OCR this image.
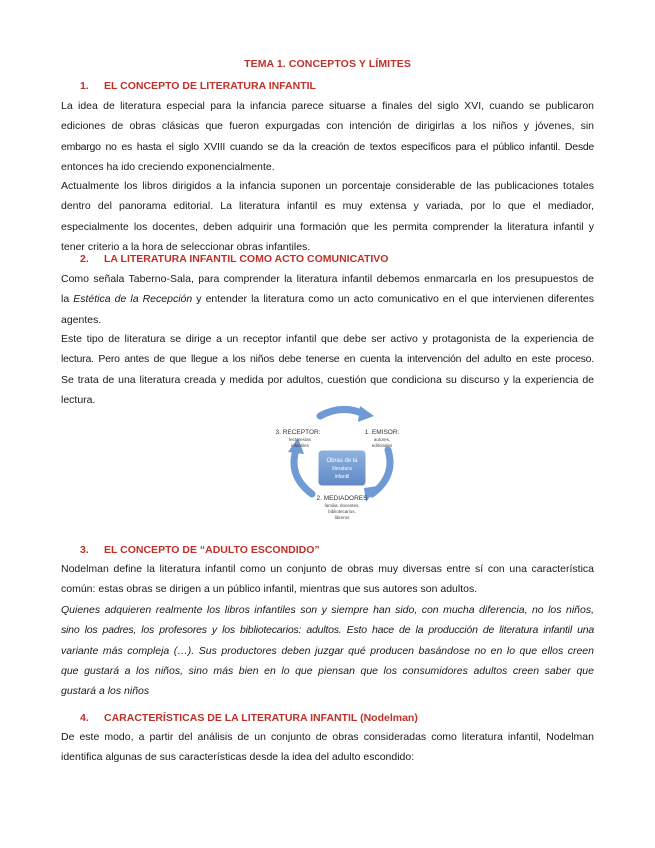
TEMA 1. CONCEPTOS Y LÍMITES
1. EL CONCEPTO DE LITERATURA INFANTIL
La idea de literatura especial para la infancia parece situarse a finales del siglo XVI, cuando se publicaron
ediciones de obras clásicas que fueron expurgadas con intención de dirigirlas a los niños y jóvenes, sin
embargo no es hasta el siglo XVIII cuando se da la creación de textos específicos para el público infantil. Desde
entonces ha ido creciendo exponencialmente.
Actualmente los libros dirigidos a la infancia suponen un porcentaje considerable de las publicaciones totales
dentro del panorama editorial. La literatura infantil es muy extensa y variada, por lo que el mediador,
especialmente los docentes, deben adquirir una formación que les permita comprender la literatura infantil y
tener criterio a la hora de seleccionar obras infantiles.
2. LA LITERATURA INFANTIL COMO ACTO COMUNICATIVO
Como señala Taberno-Sala, para comprender la literatura infantil debemos enmarcarla en los presupuestos de
la Estética de la Recepción y entender la literatura como un acto comunicativo en el que intervienen diferentes
agentes.
Este tipo de literatura se dirige a un receptor infantil que debe ser activo y protagonista de la experiencia de
lectura. Pero antes de que llegue a los niños debe tenerse en cuenta la intervención del adulto en este proceso.
Se trata de una literatura creada y medida por adultos, cuestión que condiciona su discurso y la experiencia de
lectura.
Obras de la
literatura
infantil
1. EMISOR:
autores,
editoriales
2. MEDIADORES
familia, docentes,
bibliotecarios,
libreros
3. RECEPTOR:
lectores/as
infantiles
3. EL CONCEPTO DE “ADULTO ESCONDIDO”
Nodelman define la literatura infantil como un conjunto de obras muy diversas entre sí con una característica
común: estas obras se dirigen a un público infantil, mientras que sus autores son adultos.
Quienes adquieren realmente los libros infantiles son y siempre han sido, con mucha diferencia, no los niños,
sino los padres, los profesores y los bibliotecarios: adultos. Esto hace de la producción de literatura infantil una
variante más compleja (…). Sus productores deben juzgar qué producen basándose no en lo que ellos creen
que gustará a los niños, sino más bien en lo que piensan que los consumidores adultos creen saber que
gustará a los niños
4. CARACTERÍSTICAS DE LA LITERATURA INFANTIL (Nodelman)
De este modo, a partir del análisis de un conjunto de obras consideradas como literatura infantil, Nodelman
identifica algunas de sus características desde la idea del adulto escondido:
